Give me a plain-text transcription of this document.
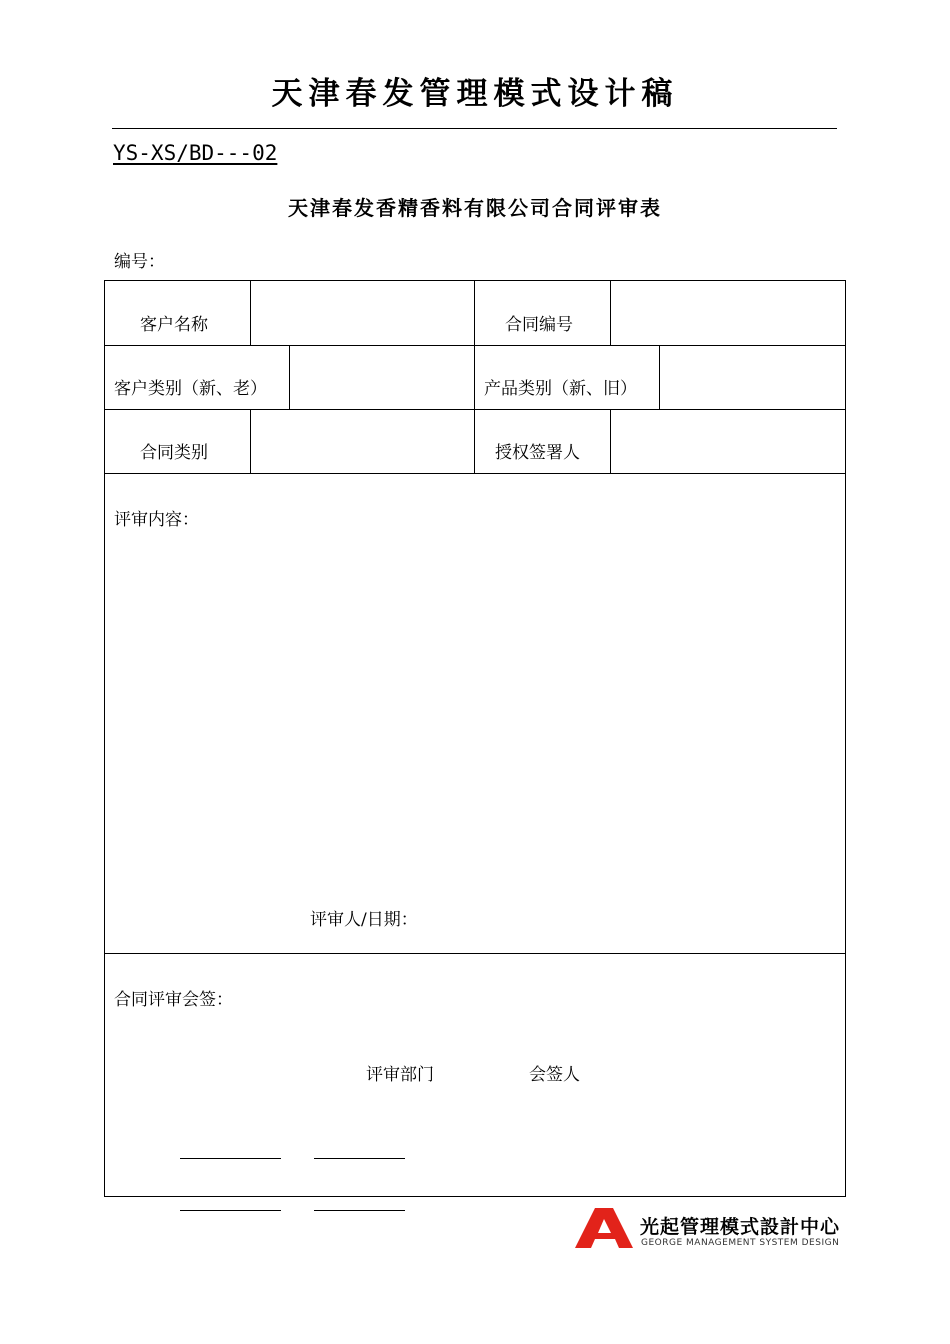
天津春发管理模式设计稿
YS-XS/BD---02
天津春发香精香料有限公司合同评审表
编号：
客户名称	合同编号
客户类别（新、老）	产品类别（新、旧）
合同类别	授权签署人
评审内容：
评审人/日期：
合同评审会签：
评审部门	会签人
光起管理模式設計中心
GEORGE MANAGEMENT SYSTEM DESIGN
